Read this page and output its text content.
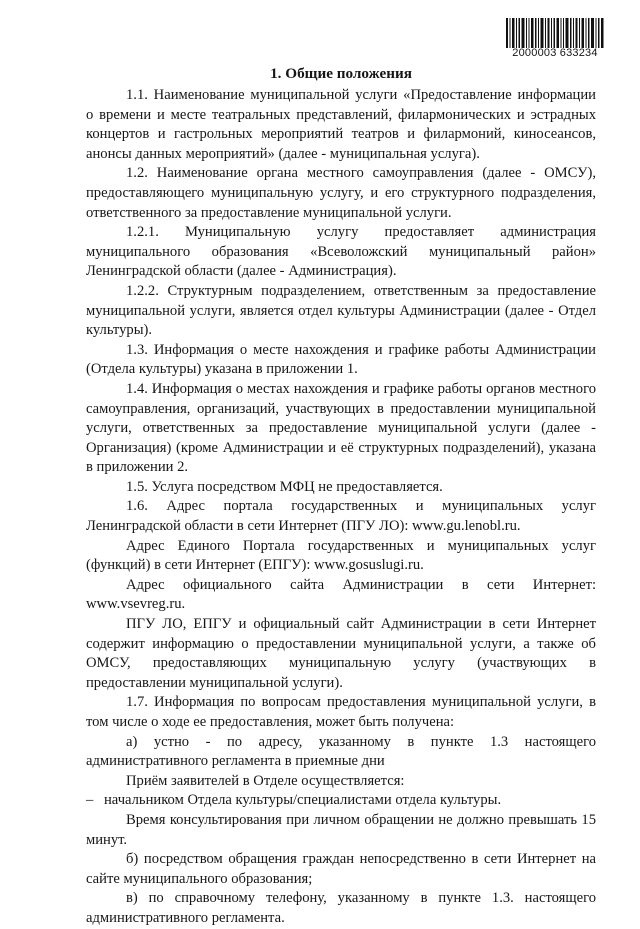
2000003 633234
1. Общие положения

1.1. Наименование муниципальной услуги «Предоставление информации о времени и месте театральных представлений, филармонических и эстрадных концертов и гастрольных мероприятий театров и филармоний, киносеансов, анонсы данных мероприятий» (далее - муниципальная услуга).

1.2. Наименование органа местного самоуправления (далее - ОМСУ), предоставляющего муниципальную услугу, и его структурного подразделения, ответственного за предоставление муниципальной услуги.

1.2.1. Муниципальную услугу предоставляет администрация муниципального образования «Всеволожский муниципальный район» Ленинградской области (далее - Администрация).

1.2.2. Структурным подразделением, ответственным за предоставление муниципальной услуги, является отдел культуры Администрации (далее - Отдел культуры).

1.3. Информация о месте нахождения и графике работы Администрации (Отдела культуры) указана в приложении 1.

1.4. Информация о местах нахождения и графике работы органов местного самоуправления, организаций, участвующих в предоставлении муниципальной услуги, ответственных за предоставление муниципальной услуги (далее - Организация) (кроме Администрации и её структурных подразделений), указана в приложении 2.

1.5. Услуга посредством МФЦ не предоставляется.

1.6. Адрес портала государственных и муниципальных услуг Ленинградской области в сети Интернет (ПГУ ЛО): www.gu.lenobl.ru.

Адрес Единого Портала государственных и муниципальных услуг (функций) в сети Интернет (ЕПГУ): www.gosuslugi.ru.

Адрес официального сайта Администрации в сети Интернет: www.vsevreg.ru.

ПГУ ЛО, ЕПГУ и официальный сайт Администрации в сети Интернет содержит информацию о предоставлении муниципальной услуги, а также об ОМСУ, предоставляющих муниципальную услугу (участвующих в предоставлении муниципальной услуги).

1.7. Информация по вопросам предоставления муниципальной услуги, в том числе о ходе ее предоставления, может быть получена:

а) устно - по адресу, указанному в пункте 1.3 настоящего административного регламента в приемные дни

Приём заявителей в Отделе осуществляется:

– начальником Отдела культуры/специалистами отдела культуры.

Время консультирования при личном обращении не должно превышать 15 минут.

б) посредством обращения граждан непосредственно в сети Интернет на сайте муниципального образования;

в) по справочному телефону, указанному в пункте 1.3. настоящего административного регламента.
